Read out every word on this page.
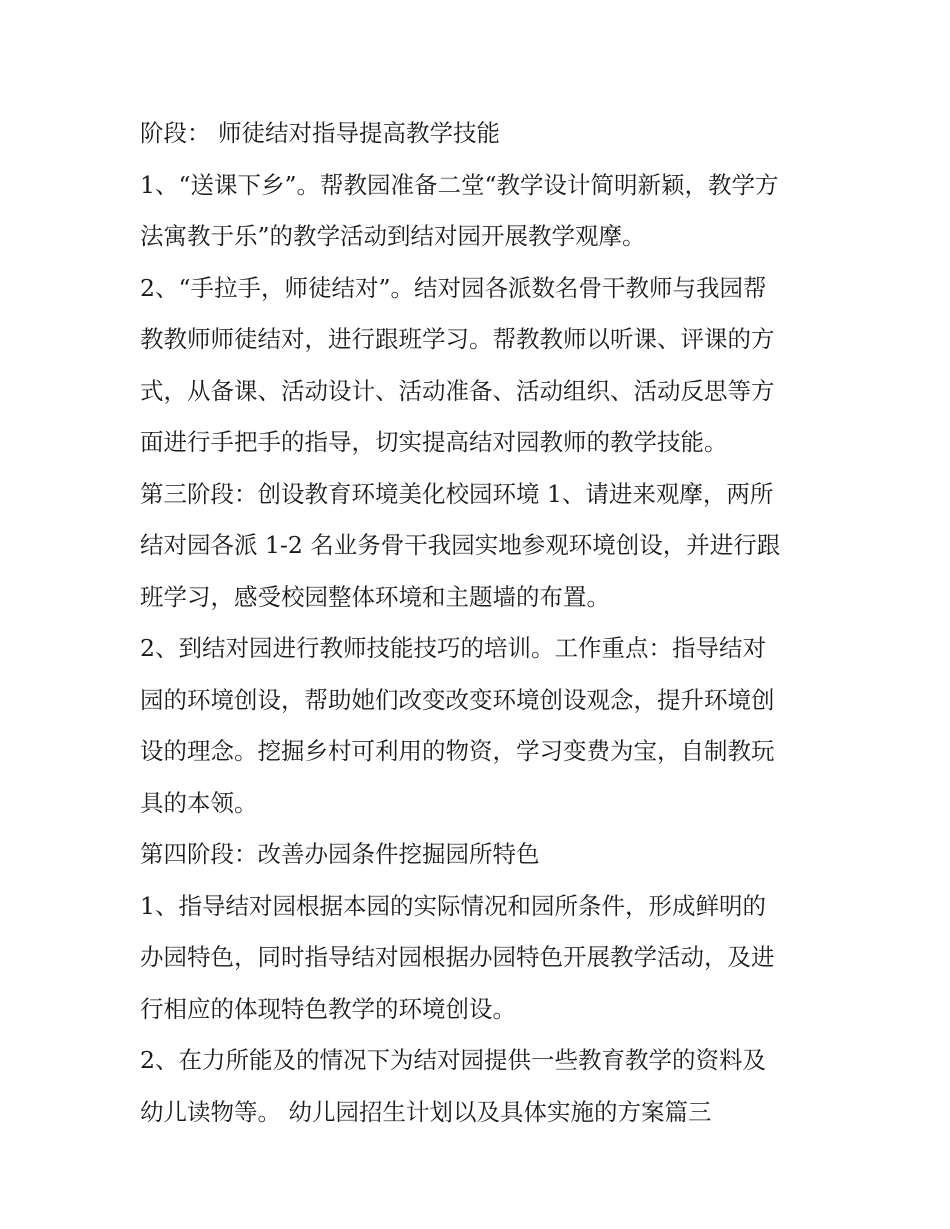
阶段： 师徒结对指导提高教学技能

1、“送课下乡”。帮教园准备二堂“教学设计简明新颖，教学方
法寓教于乐”的教学活动到结对园开展教学观摩。

2、“手拉手，师徒结对”。结对园各派数名骨干教师与我园帮
教教师师徒结对，进行跟班学习。帮教教师以听课、评课的方
式，从备课、活动设计、活动准备、活动组织、活动反思等方
面进行手把手的指导，切实提高结对园教师的教学技能。

第三阶段：创设教育环境美化校园环境 1、请进来观摩，两所
结对园各派 1-2 名业务骨干我园实地参观环境创设，并进行跟
班学习，感受校园整体环境和主题墙的布置。

2、到结对园进行教师技能技巧的培训。工作重点：指导结对
园的环境创设，帮助她们改变改变环境创设观念，提升环境创
设的理念。挖掘乡村可利用的物资，学习变费为宝，自制教玩
具的本领。

第四阶段：改善办园条件挖掘园所特色

1、指导结对园根据本园的实际情况和园所条件，形成鲜明的
办园特色，同时指导结对园根据办园特色开展教学活动，及进
行相应的体现特色教学的环境创设。

2、在力所能及的情况下为结对园提供一些教育教学的资料及
幼儿读物等。 幼儿园招生计划以及具体实施的方案篇三
